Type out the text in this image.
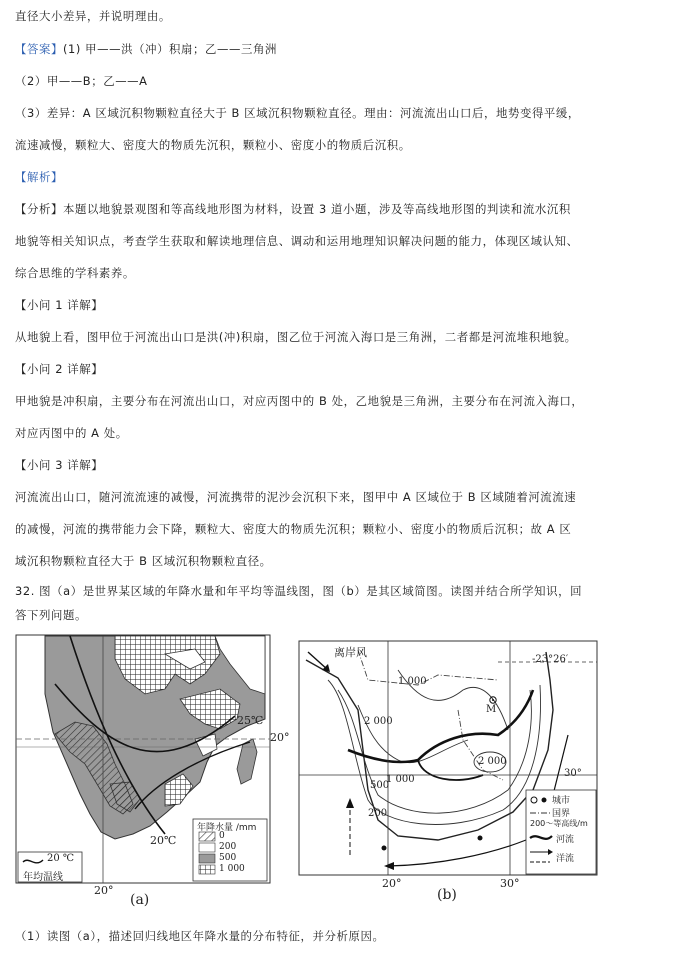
直径大小差异，并说明理由。
【答案】(1) 甲——洪（冲）积扇；乙——三角洲
（2）甲——B；乙——A
（3）差异：A 区域沉积物颗粒直径大于 B 区域沉积物颗粒直径。理由：河流流出山口后，地势变得平缓，
流速减慢，颗粒大、密度大的物质先沉积，颗粒小、密度小的物质后沉积。
【解析】
【分析】本题以地貌景观图和等高线地形图为材料，设置 3 道小题，涉及等高线地形图的判读和流水沉积
地貌等相关知识点，考查学生获取和解读地理信息、调动和运用地理知识解决问题的能力，体现区域认知、
综合思维的学科素养。
【小问 1 详解】
从地貌上看，图甲位于河流出山口是洪(冲)积扇，图乙位于河流入海口是三角洲，二者都是河流堆积地貌。
【小问 2 详解】
甲地貌是冲积扇，主要分布在河流出山口，对应丙图中的 B 处，乙地貌是三角洲，主要分布在河流入海口，
对应丙图中的 A 处。
【小问 3 详解】
河流流出山口，随河流流速的减慢，河流携带的泥沙会沉积下来，图甲中 A 区域位于 B 区域随着河流流速
的减慢，河流的携带能力会下降，颗粒大、密度大的物质先沉积；颗粒小、密度小的物质后沉积；故 A 区
域沉积物颗粒直径大于 B 区域沉积物颗粒直径。
32. 图（a）是世界某区域的年降水量和年平均等温线图，图（b）是其区域简图。读图并结合所学知识，回
答下列问题。
（1）读图（a），描述回归线地区年降水量的分布特征，并分析原因。
25℃
20℃
年降水量 /mm
0
200
500
1 000
20 ℃
年均温线
20°
20°
(a)
离岸风
-23°26′
1 000
2 000
2 000
1 000
500
200
M
30°
城市
国界
200～等高线/m
河流
洋流
20°	30°
(b)
